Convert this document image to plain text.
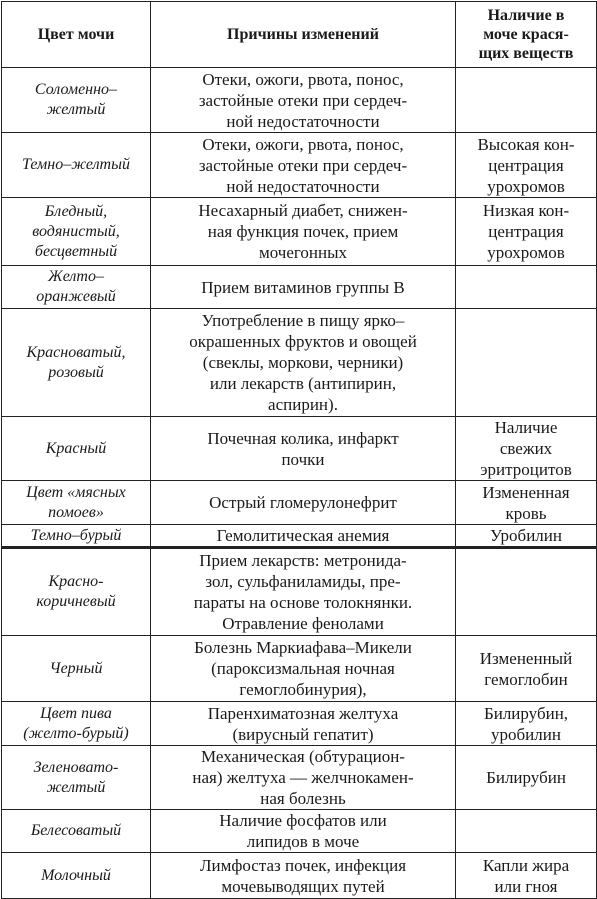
Цвет мочи	Причины изменений	Наличие в
моче крася-
щих веществ
Соломенно–
желтый	Отеки, ожоги, рвота, понос,
застойные отеки при сердеч-
ной недостаточности	
Темно–желтый	Отеки, ожоги, рвота, понос,
застойные отеки при сердеч-
ной недостаточности	Высокая кон-
центрация
урохромов
Бледный,
водянистый,
бесцветный	Несахарный диабет, снижен-
ная функция почек, прием
мочегонных	Низкая кон-
центрация
урохромов
Желто–
оранжевый	Прием витаминов группы В	
Красноватый,
розовый	Употребление в пищу ярко–
окрашенных фруктов и овощей
(свеклы, моркови, черники)
или лекарств (антипирин,
аспирин).	
Красный	Почечная колика, инфаркт
почки	Наличие
свежих
эритроцитов
Цвет «мясных
помоев»	Острый гломерулонефрит	Измененная
кровь
Темно–бурый	Гемолитическая анемия	Уробилин
Красно-
коричневый	Прием лекарств: метронида-
зол, сульфаниламиды, пре-
параты на основе толокнянки.
Отравление фенолами	
Черный	Болезнь Маркиафава–Микели
(пароксизмальная ночная
гемоглобинурия),	Измененный
гемоглобин
Цвет пива
(желто-бурый)	Паренхиматозная желтуха
(вирусный гепатит)	Билирубин,
уробилин
Зеленовато-
желтый	Механическая (обтурацион-
ная) желтуха — желчнокамен-
ная болезнь	Билирубин
Белесоватый	Наличие фосфатов или
липидов в моче	
Молочный	Лимфостаз почек, инфекция
мочевыводящих путей	Капли жира
или гноя
